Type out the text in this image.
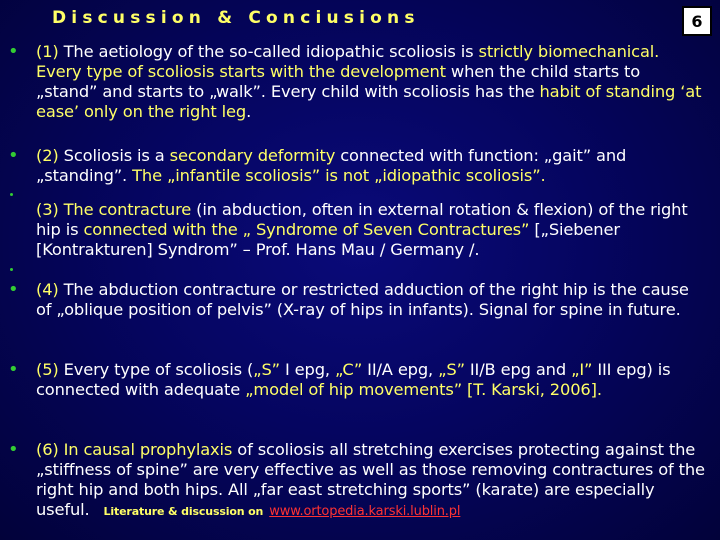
Discussion & Conciusions	6
•
•
•
•
•
(1) The aetiology of the so-called idiopathic scoliosis is strictly biomechanical. Every type of scoliosis starts with the development when the child starts to „stand” and starts to „walk”. Every child with scoliosis has the habit of standing ‘at ease’ only on the right leg.
(2) Scoliosis is a secondary deformity connected with function: „gait” and „standing”. The „infantile scoliosis” is not „idiopathic scoliosis”.
(3) The contracture (in abduction, often in external rotation & flexion) of the right hip is connected with the „ Syndrome of Seven Contractures” [„Siebener [Kontrakturen] Syndrom” – Prof. Hans Mau / Germany /.
(4) The abduction contracture or restricted adduction of the right hip is the cause of „oblique position of pelvis” (X-ray of hips in infants). Signal for spine in future.
(5) Every type of scoliosis („S” I epg, „C” II/A epg, „S” II/B epg and „I” III epg) is connected with adequate „model of hip movements” [T. Karski, 2006].
(6) In causal prophylaxis of scoliosis all stretching exercises protecting against the „stiffness of spine” are very effective as well as those removing contractures of the right hip and both hips. All „far east stretching sports” (karate) are especially useful. Literature & discussion on www.ortopedia.karski.lublin.pl
